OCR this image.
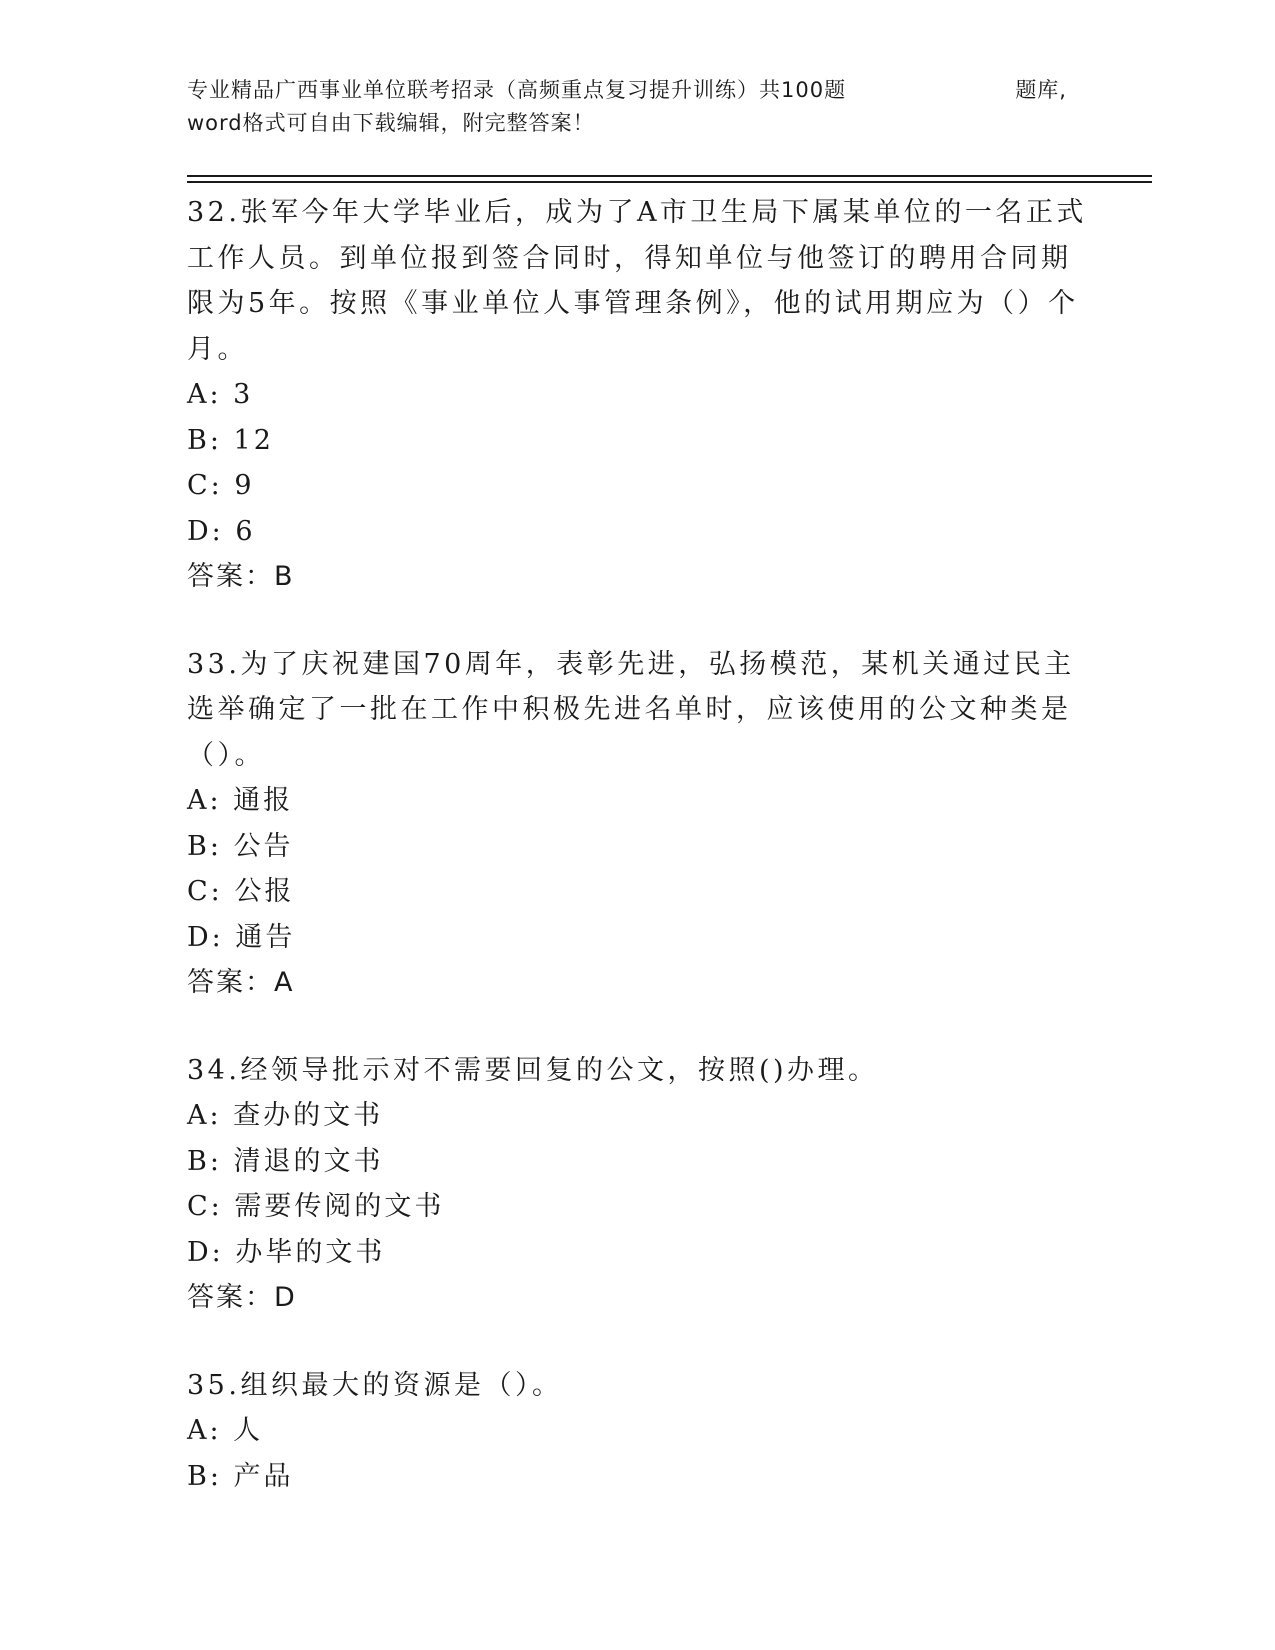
专业精品广西事业单位联考招录（高频重点复习提升训练）共100题	题库,
word格式可自由下载编辑，附完整答案！

32.张军今年大学毕业后，成为了A市卫生局下属某单位的一名正式工作人员。到单位报到签合同时，得知单位与他签订的聘用合同期限为5年。按照《事业单位人事管理条例》，他的试用期应为（）个月。

A: 3

B: 12

C: 9

D: 6

答案：B

33.为了庆祝建国70周年，表彰先进，弘扬模范，某机关通过民主选举确定了一批在工作中积极先进名单时，应该使用的公文种类是（）。

A: 通报

B: 公告

C: 公报

D: 通告

答案：A

34.经领导批示对不需要回复的公文，按照()办理。

A: 查办的文书

B: 清退的文书

C: 需要传阅的文书

D: 办毕的文书

答案：D

35.组织最大的资源是（）。

A: 人

B: 产品
